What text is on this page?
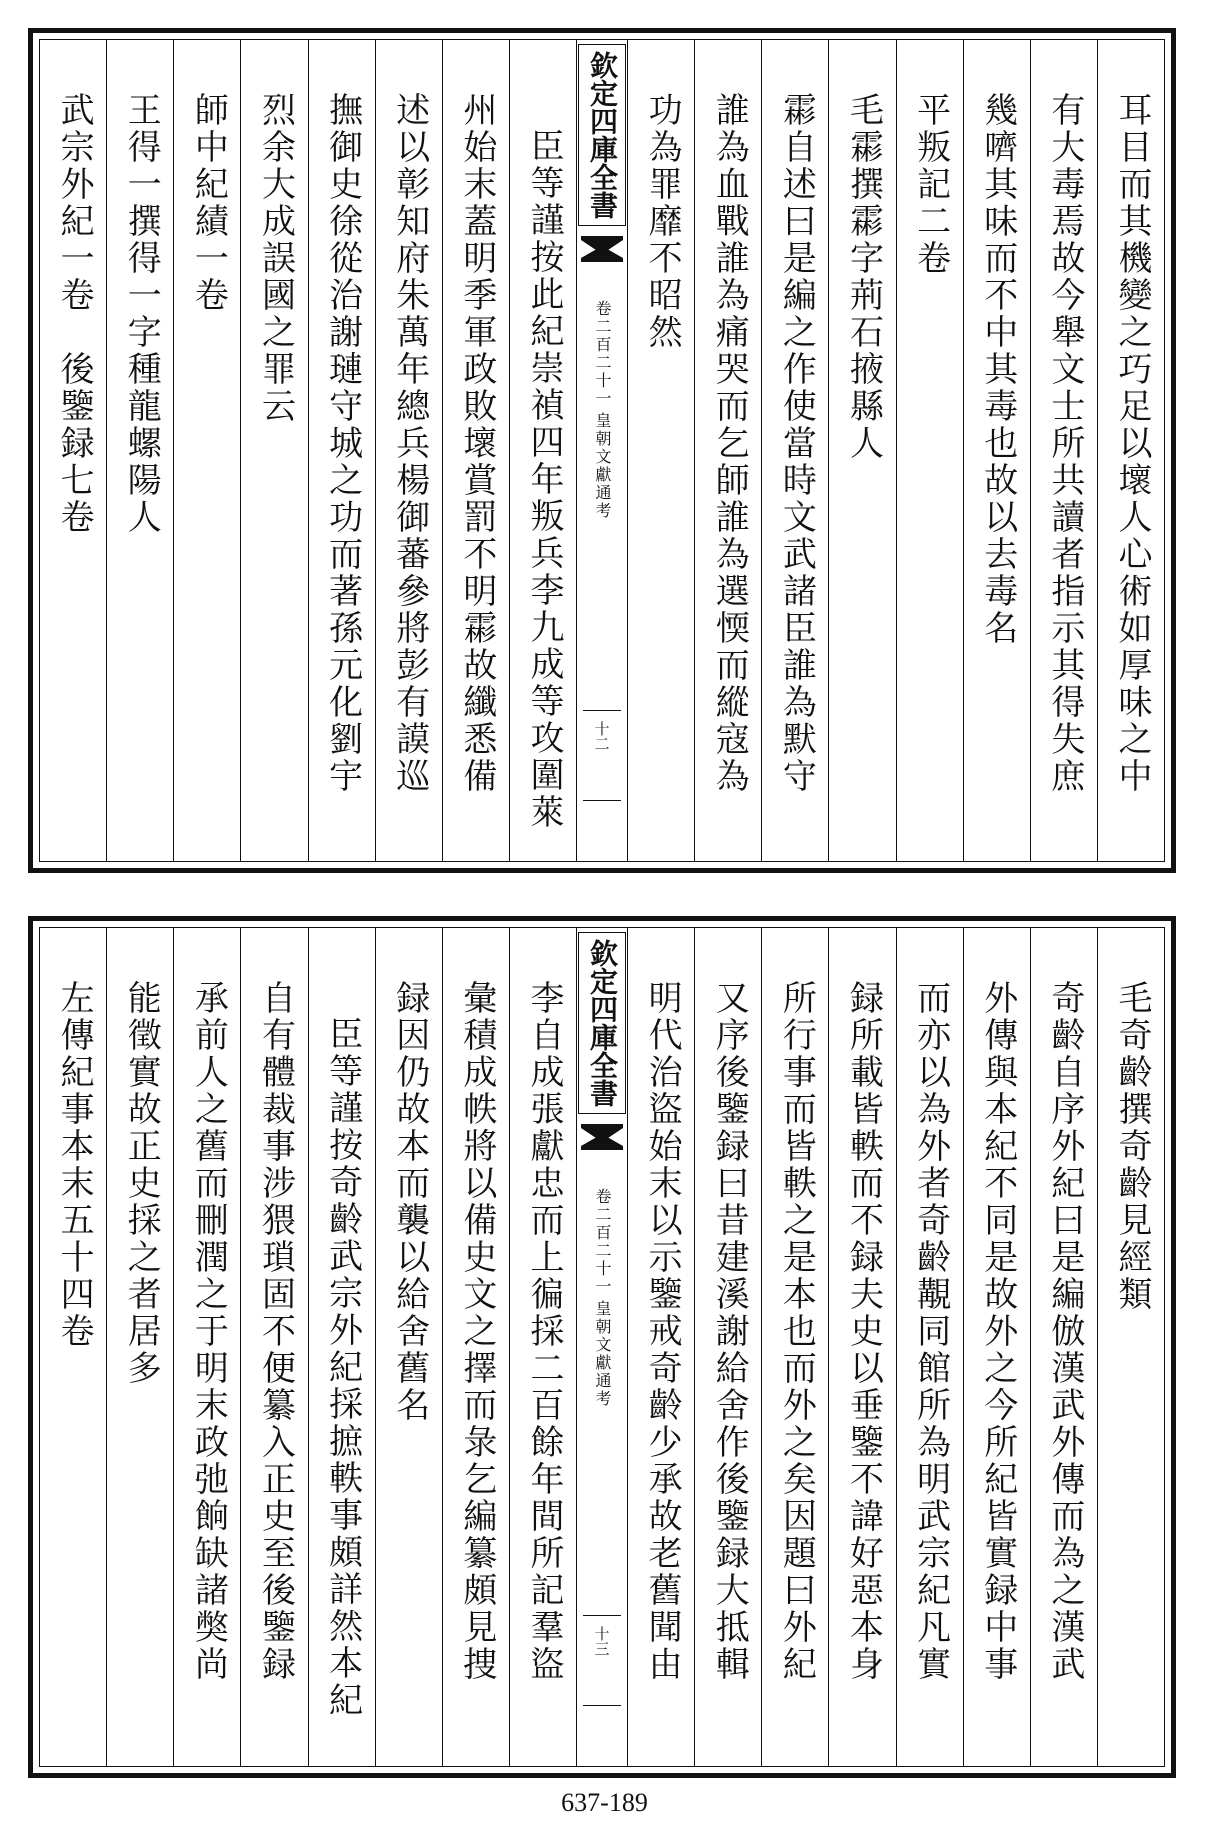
耳目而其機變之巧足以壞人心術如厚味之中
有大毒焉故今舉文士所共讀者指示其得失庶
幾嚌其味而不中其毒也故以去毒名
平叛記二卷
毛霦撰霦字荊石掖縣人
霦自述曰是編之作使當時文武諸臣誰為默守
誰為血戰誰為痛哭而乞師誰為選愞而縱寇為
功為罪靡不昭然
欽定四庫全書
皇朝文獻通考
卷二百二十一
十二
臣等謹按此紀崇禎四年叛兵李九成等攻圍萊
州始末蓋明季軍政敗壞賞罰不明霦故纖悉備
述以彰知府朱萬年總兵楊御蕃參將彭有謨巡
撫御史徐從治謝璉守城之功而著孫元化劉宇
烈余大成誤國之罪云
師中紀績一卷
王得一撰得一字種龍螺陽人
武宗外紀一卷　後鑒録七卷
毛奇齡撰奇齡見經類
奇齡自序外紀曰是編倣漢武外傳而為之漢武
外傳與本紀不同是故外之今所紀皆實録中事
而亦以為外者奇齡覯同館所為明武宗紀凡實
録所載皆軼而不録夫史以垂鑒不諱好惡本身
所行事而皆軼之是本也而外之矣因題曰外紀
又序後鑒録曰昔建溪謝給舍作後鑒録大抵輯
明代治盜始末以示鑒戒奇齡少承故老舊聞由
欽定四庫全書
皇朝文獻通考
卷二百二十一
十三
李自成張獻忠而上徧採二百餘年間所記羣盜
彙積成帙將以備史文之擇而彔乞編纂頗見捜
録因仍故本而襲以給舍舊名
臣等謹按奇齡武宗外紀採摭軼事頗詳然本紀
自有體裁事涉猥瑣固不便纂入正史至後鑒録
承前人之舊而刪潤之于明末政弛餉缺諸獘尚
能徵實故正史採之者居多
左傳紀事本末五十四卷
637-189
